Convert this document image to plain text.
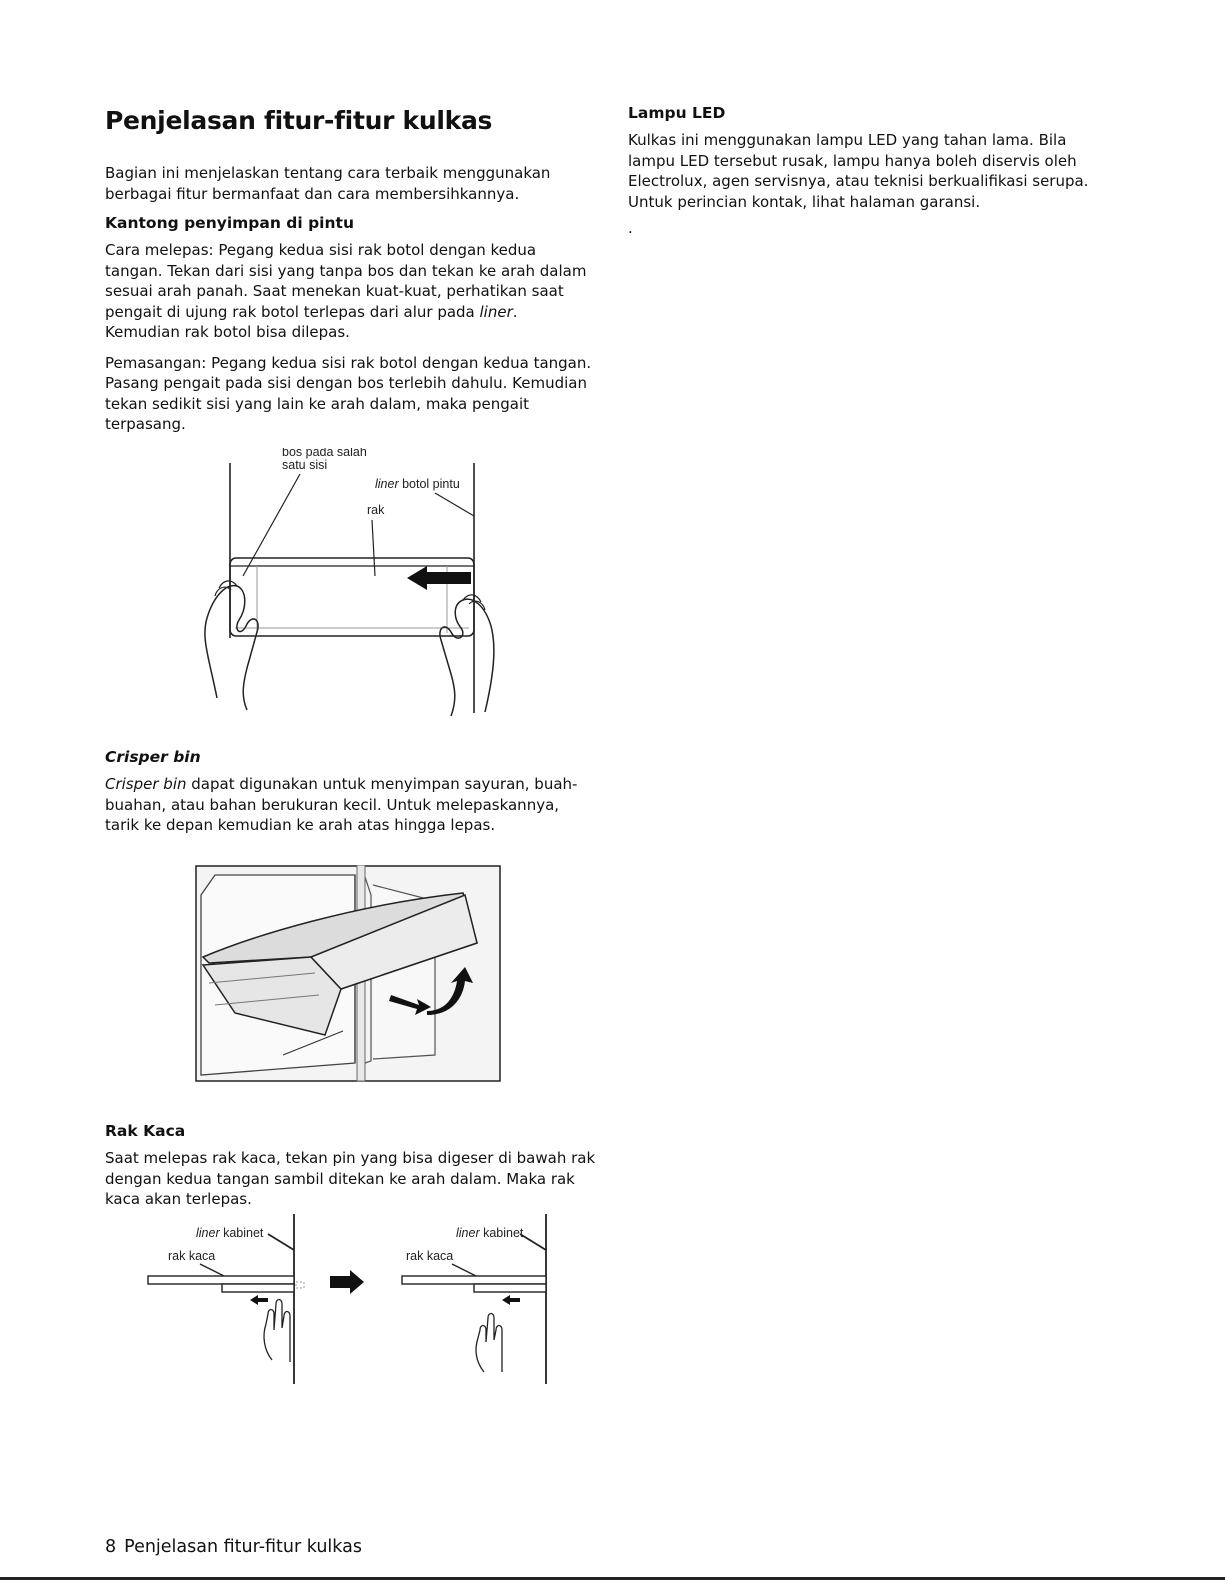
Penjelasan fitur-fitur kulkas

Bagian ini menjelaskan tentang cara terbaik menggunakan berbagai fitur bermanfaat dan cara membersihkannya.

Kantong penyimpan di pintu

Cara melepas: Pegang kedua sisi rak botol dengan kedua tangan. Tekan dari sisi yang tanpa bos dan tekan ke arah dalam sesuai arah panah. Saat menekan kuat-kuat, perhatikan saat pengait di ujung rak botol terlepas dari alur pada liner. Kemudian rak botol bisa dilepas.

Pemasangan: Pegang kedua sisi rak botol dengan kedua tangan. Pasang pengait pada sisi dengan bos terlebih dahulu. Kemudian tekan sedikit sisi yang lain ke arah dalam, maka pengait terpasang.

bos pada salah
satu sisi
liner botol pintu
rak
Crisper bin

Crisper bin dapat digunakan untuk menyimpan sayuran, buah-buahan, atau bahan berukuran kecil. Untuk melepaskannya, tarik ke depan kemudian ke arah atas hingga lepas.

Rak Kaca

Saat melepas rak kaca, tekan pin yang bisa digeser di bawah rak dengan kedua tangan sambil ditekan ke arah dalam. Maka rak kaca akan terlepas.

liner kabinet
rak kaca
liner kabinet
rak kaca
Lampu LED

Kulkas ini menggunakan lampu LED yang tahan lama. Bila lampu LED tersebut rusak, lampu hanya boleh diservis oleh Electrolux, agen servisnya, atau teknisi berkualifikasi serupa. Untuk perincian kontak, lihat halaman garansi.

.

8 Penjelasan fitur-fitur kulkas
